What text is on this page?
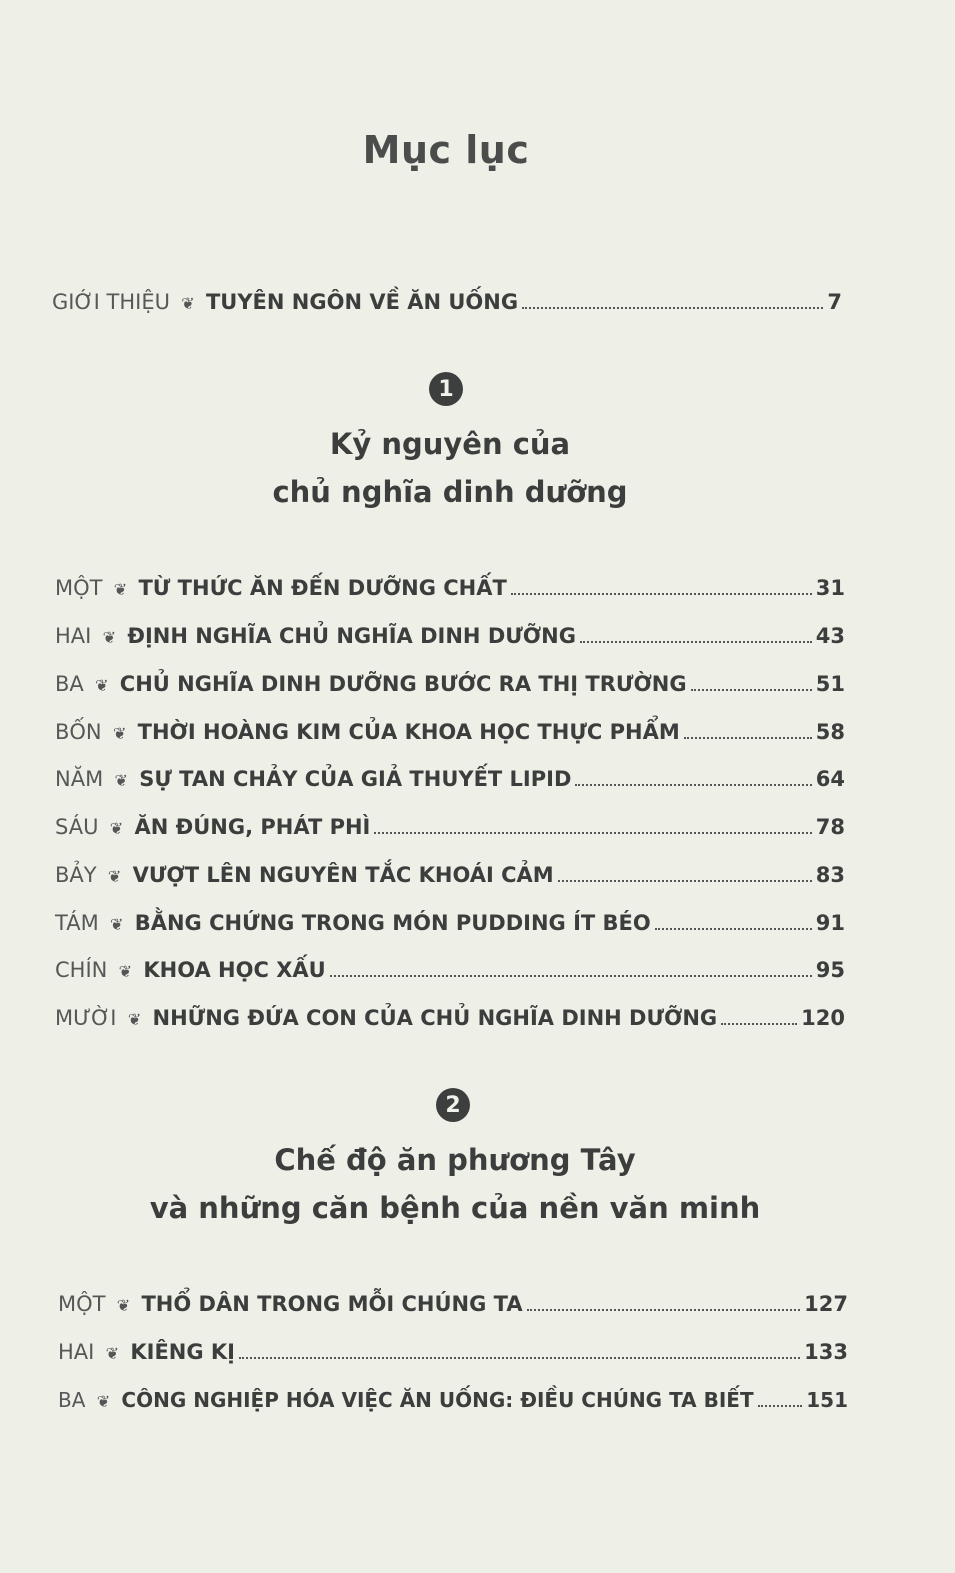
Mục lục
GIỚI THIỆU ❦ TUYÊN NGÔN VỀ ĂN UỐNG	7
1
Kỷ nguyên của
chủ nghĩa dinh dưỡng
MỘT ❦ TỪ THỨC ĂN ĐẾN DƯỠNG CHẤT	31
HAI ❦ ĐỊNH NGHĨA CHỦ NGHĨA DINH DƯỠNG	43
BA ❦ CHỦ NGHĨA DINH DƯỠNG BƯỚC RA THỊ TRƯỜNG	51
BỐN ❦ THỜI HOÀNG KIM CỦA KHOA HỌC THỰC PHẨM	58
NĂM ❦ SỰ TAN CHẢY CỦA GIẢ THUYẾT LIPID	64
SÁU ❦ ĂN ĐÚNG, PHÁT PHÌ	78
BẢY ❦ VƯỢT LÊN NGUYÊN TẮC KHOÁI CẢM	83
TÁM ❦ BẰNG CHỨNG TRONG MÓN PUDDING ÍT BÉO	91
CHÍN ❦ KHOA HỌC XẤU	95
MƯỜI ❦ NHỮNG ĐỨA CON CỦA CHỦ NGHĨA DINH DƯỠNG	120
2
Chế độ ăn phương Tây
và những căn bệnh của nền văn minh
MỘT ❦ THỔ DÂN TRONG MỖI CHÚNG TA	127
HAI ❦ KIÊNG KỊ	133
BA ❦ CÔNG NGHIỆP HÓA VIỆC ĂN UỐNG: ĐIỀU CHÚNG TA BIẾT	151
